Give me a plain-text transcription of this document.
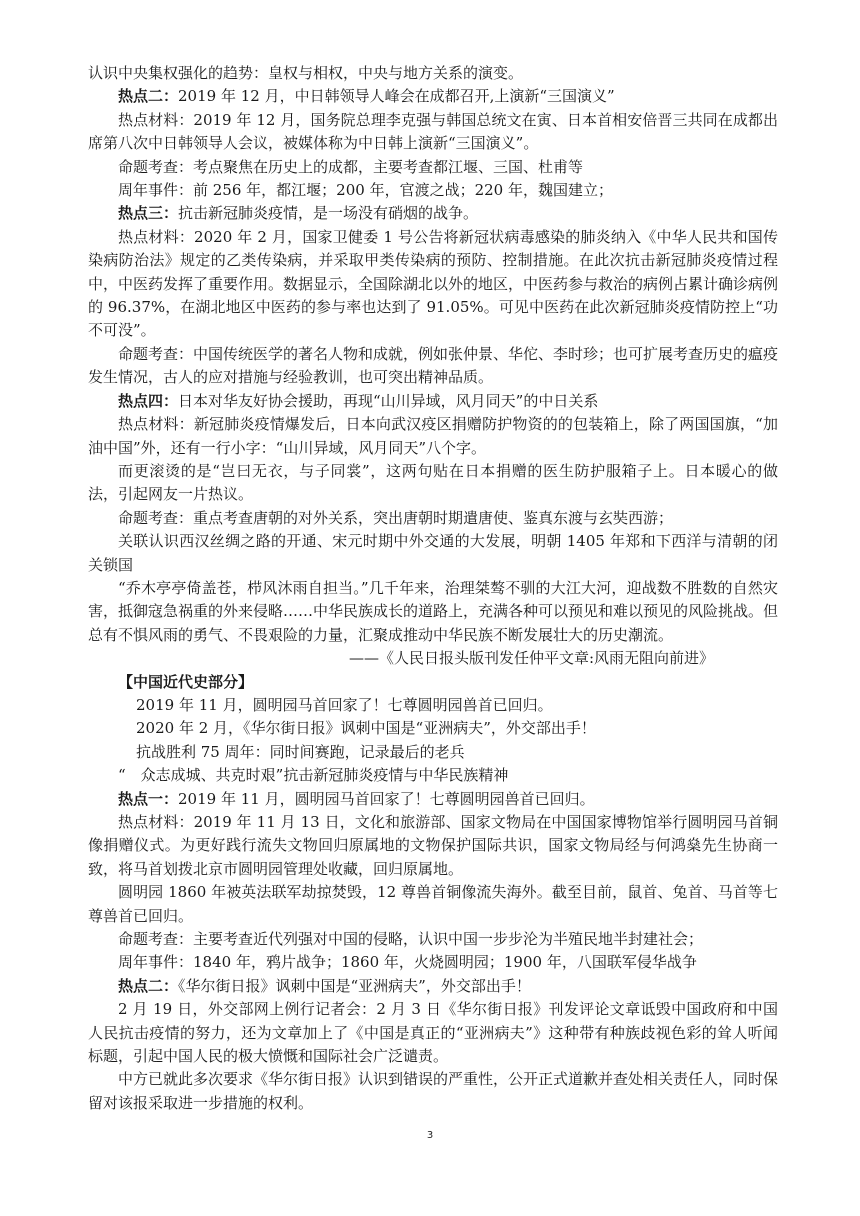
认识中央集权强化的趋势：皇权与相权，中央与地方关系的演变。

热点二：2019 年 12 月，中日韩领导人峰会在成都召开,上演新“三国演义”

热点材料：2019 年 12 月，国务院总理李克强与韩国总统文在寅、日本首相安倍晋三共同在成都出席第八次中日韩领导人会议，被媒体称为中日韩上演新“三国演义”。

命题考查：考点聚焦在历史上的成都，主要考查都江堰、三国、杜甫等

周年事件：前 256 年，都江堰；200 年，官渡之战；220 年，魏国建立；

热点三：抗击新冠肺炎疫情，是一场没有硝烟的战争。

热点材料：2020 年 2 月，国家卫健委 1 号公告将新冠状病毒感染的肺炎纳入《中华人民共和国传染病防治法》规定的乙类传染病，并采取甲类传染病的预防、控制措施。在此次抗击新冠肺炎疫情过程中，中医药发挥了重要作用。数据显示，全国除湖北以外的地区，中医药参与救治的病例占累计确诊病例的 96.37%，在湖北地区中医药的参与率也达到了 91.05%。可见中医药在此次新冠肺炎疫情防控上“功不可没”。

命题考查：中国传统医学的著名人物和成就，例如张仲景、华佗、李时珍；也可扩展考查历史的瘟疫发生情况，古人的应对措施与经验教训，也可突出精神品质。

热点四：日本对华友好协会援助，再现“山川异域，风月同天”的中日关系

热点材料：新冠肺炎疫情爆发后，日本向武汉疫区捐赠防护物资的的包装箱上，除了两国国旗，“加油中国”外，还有一行小字：“山川异域，风月同天”八个字。

而更滚烫的是“岂曰无衣，与子同裳”，这两句贴在日本捐赠的医生防护服箱子上。日本暖心的做法，引起网友一片热议。

命题考查：重点考查唐朝的对外关系，突出唐朝时期遣唐使、鉴真东渡与玄奘西游；

关联认识西汉丝绸之路的开通、宋元时期中外交通的大发展，明朝 1405 年郑和下西洋与清朝的闭关锁国

“乔木亭亭倚盖苍，栉风沐雨自担当。”几千年来，治理桀骜不驯的大江大河，迎战数不胜数的自然灾害，抵御寇急祸重的外来侵略……中华民族成长的道路上，充满各种可以预见和难以预见的风险挑战。但总有不惧风雨的勇气、不畏艰险的力量，汇聚成推动中华民族不断发展壮大的历史潮流。

——《人民日报头版刊发任仲平文章:风雨无阻向前进》

【中国近代史部分】

2019 年 11 月，圆明园马首回家了！七尊圆明园兽首已回归。

2020 年 2 月，《华尔街日报》讽刺中国是“亚洲病夫”，外交部出手！

抗战胜利 75 周年：同时间赛跑，记录最后的老兵

“　众志成城、共克时艰”抗击新冠肺炎疫情与中华民族精神

热点一：2019 年 11 月，圆明园马首回家了！七尊圆明园兽首已回归。

热点材料：2019 年 11 月 13 日，文化和旅游部、国家文物局在中国国家博物馆举行圆明园马首铜像捐赠仪式。为更好践行流失文物回归原属地的文物保护国际共识，国家文物局经与何鸿燊先生协商一致，将马首划拨北京市圆明园管理处收藏，回归原属地。

圆明园 1860 年被英法联军劫掠焚毁，12 尊兽首铜像流失海外。截至目前，鼠首、兔首、马首等七尊兽首已回归。

命题考查：主要考查近代列强对中国的侵略，认识中国一步步沦为半殖民地半封建社会；

周年事件：1840 年，鸦片战争；1860 年，火烧圆明园；1900 年，八国联军侵华战争

热点二：《华尔街日报》讽刺中国是“亚洲病夫”，外交部出手！

2 月 19 日，外交部网上例行记者会：2 月 3 日《华尔街日报》刊发评论文章诋毁中国政府和中国人民抗击疫情的努力，还为文章加上了《中国是真正的“亚洲病夫”》这种带有种族歧视色彩的耸人听闻标题，引起中国人民的极大愤慨和国际社会广泛谴责。

中方已就此多次要求《华尔街日报》认识到错误的严重性，公开正式道歉并查处相关责任人，同时保留对该报采取进一步措施的权利。

3
